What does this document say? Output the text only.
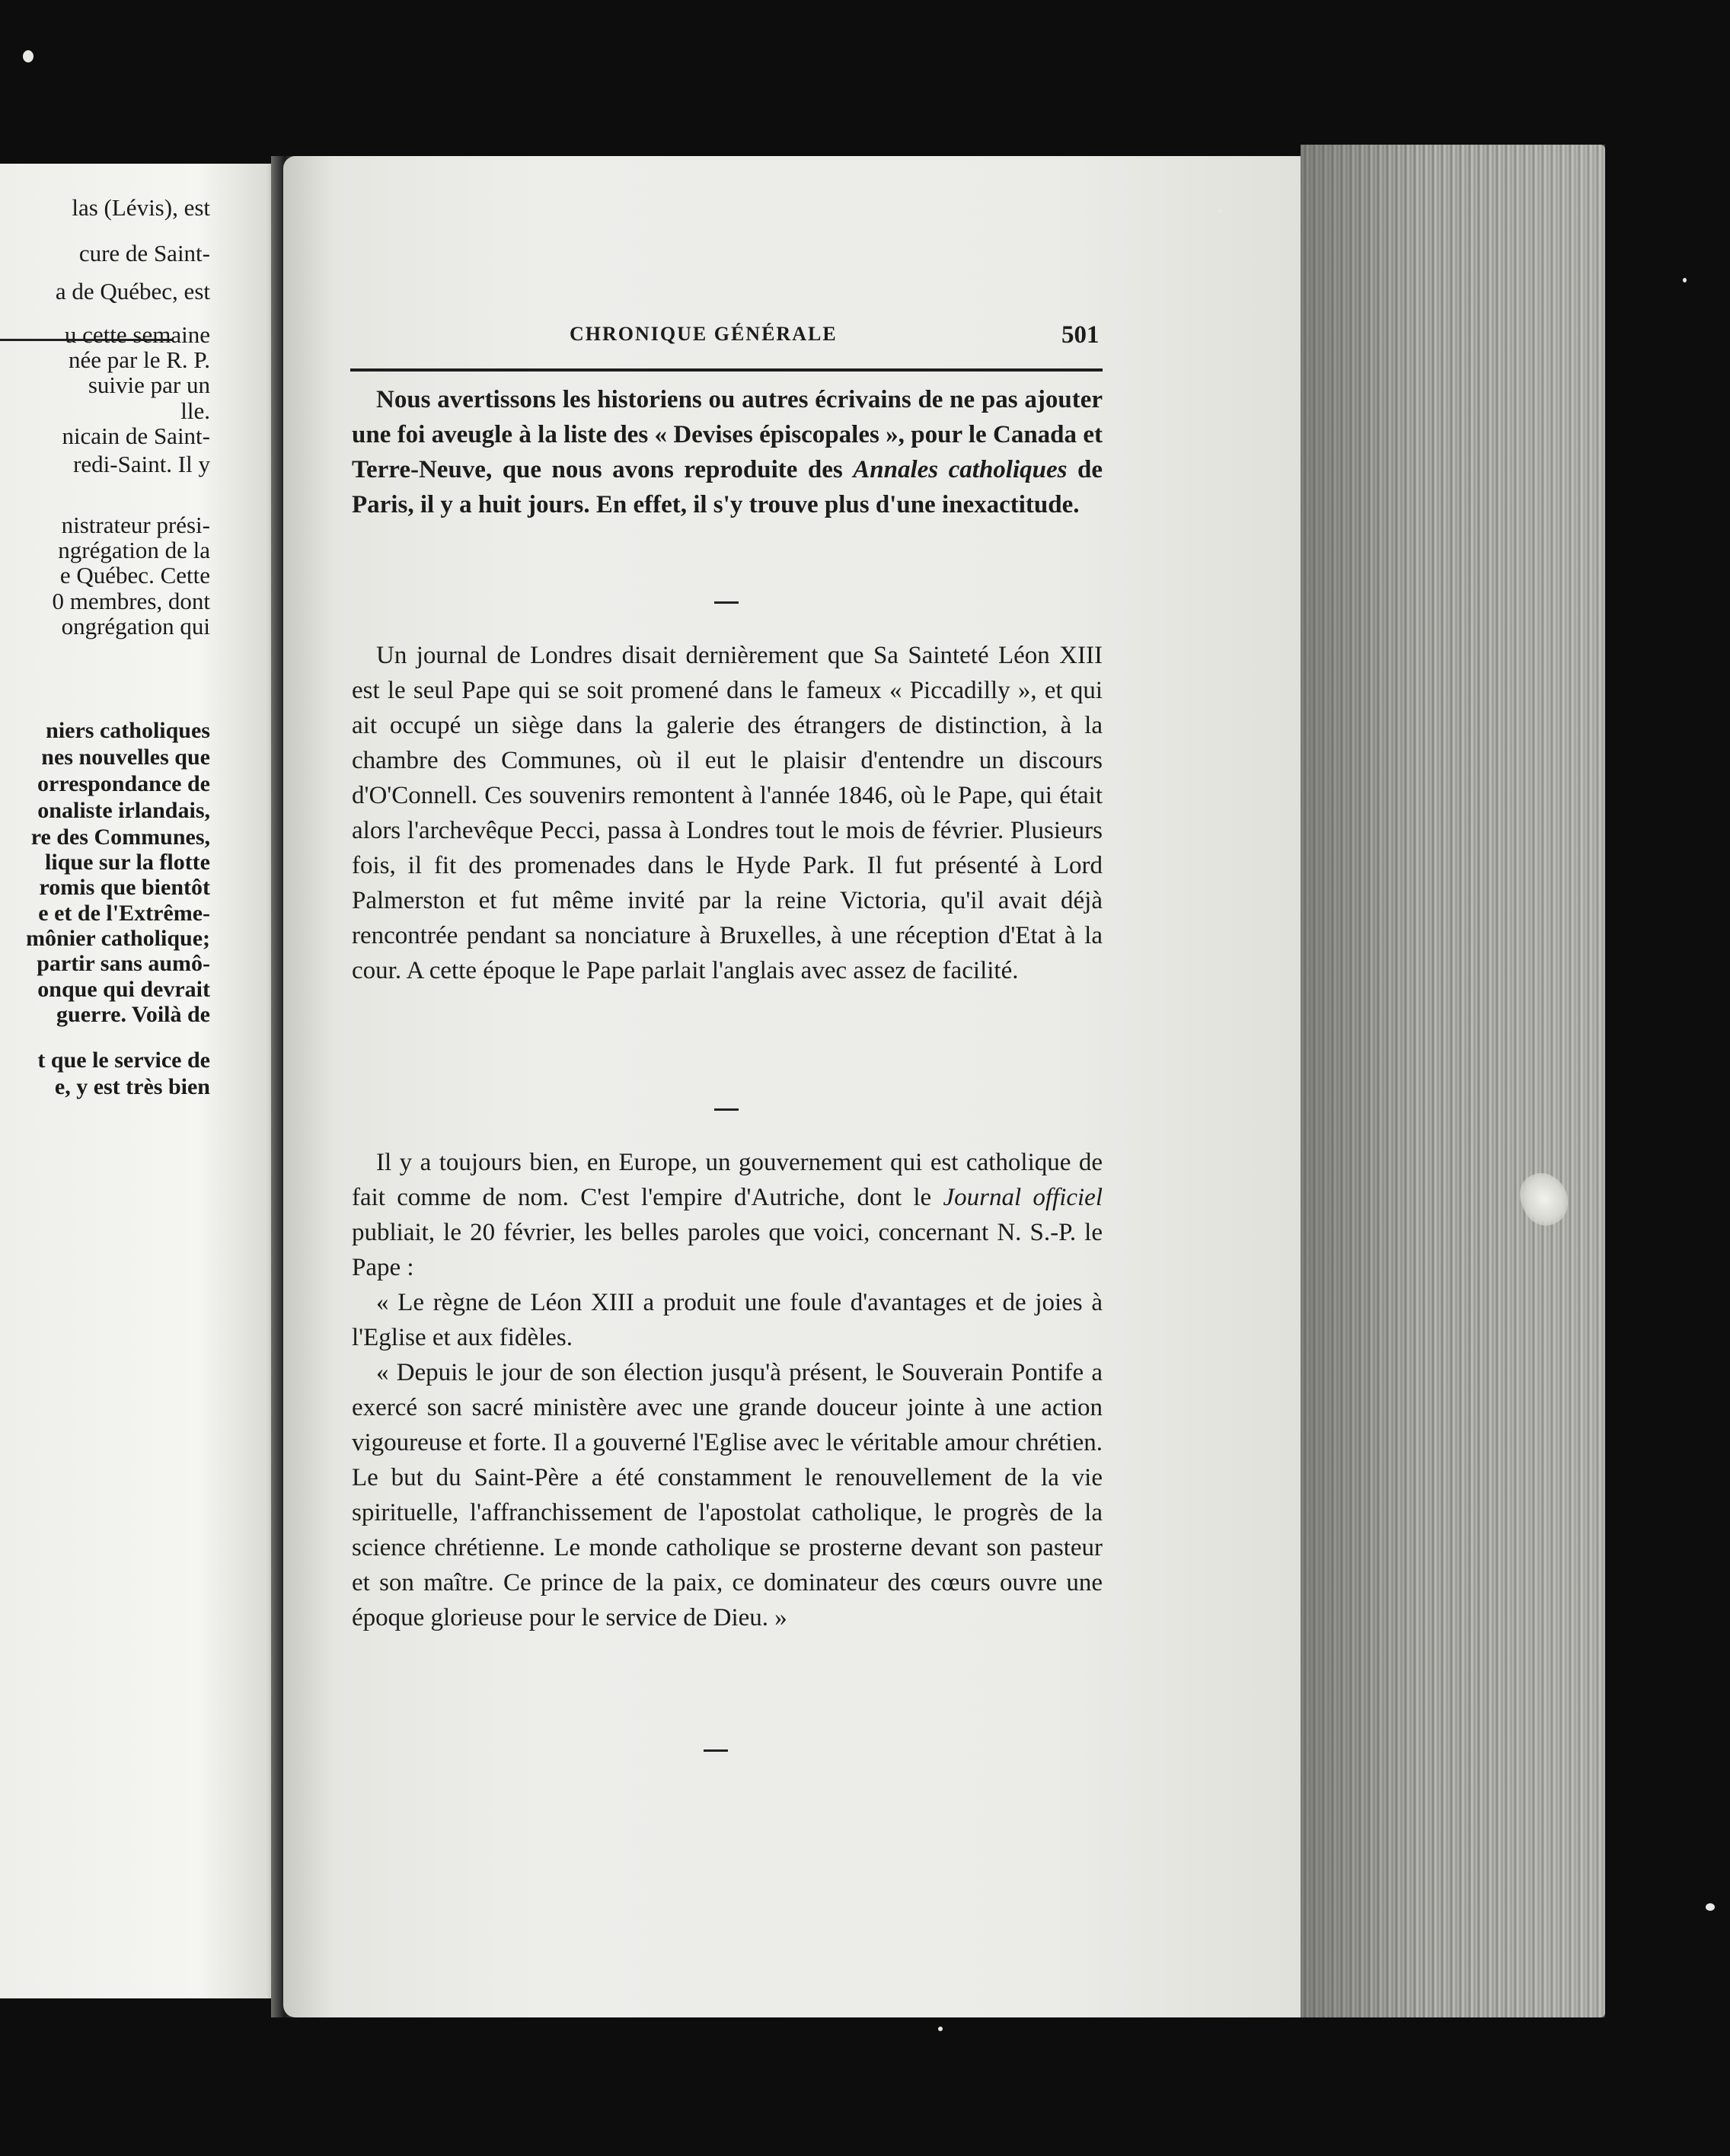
las (Lévis), est
cure de Saint-
a de Québec, est
u cette semaine
née par le R. P.
suivie par un
lle.
nicain de Saint-
redi-Saint. Il y
nistrateur prési-
ngrégation de la
e Québec. Cette
0 membres, dont
ongrégation qui
niers catholiques
nes nouvelles que
orrespondance de
onaliste irlandais,
re des Communes,
lique sur la flotte
romis que bientôt
e et de l'Extrême-
mônier catholique;
partir sans aumô-
onque qui devrait
guerre. Voilà de
t que le service de
e, y est très bien
CHRONIQUE GÉNÉRALE	501

Nous avertissons les historiens ou autres écrivains de ne pas ajouter une foi aveugle à la liste des « Devises épiscopales », pour le Canada et Terre-Neuve, que nous avons reproduite des Annales catholiques de Paris, il y a huit jours. En effet, il s'y trouve plus d'une inexactitude.

Un journal de Londres disait dernièrement que Sa Sainteté Léon XIII est le seul Pape qui se soit promené dans le fameux « Piccadilly », et qui ait occupé un siège dans la galerie des étrangers de distinction, à la chambre des Communes, où il eut le plaisir d'entendre un discours d'O'Connell. Ces souvenirs remontent à l'année 1846, où le Pape, qui était alors l'archevêque Pecci, passa à Londres tout le mois de février. Plusieurs fois, il fit des promenades dans le Hyde Park. Il fut présenté à Lord Palmerston et fut même invité par la reine Victoria, qu'il avait déjà rencontrée pendant sa nonciature à Bruxelles, à une réception d'Etat à la cour. A cette époque le Pape parlait l'anglais avec assez de facilité.

Il y a toujours bien, en Europe, un gouvernement qui est catholique de fait comme de nom. C'est l'empire d'Autriche, dont le Journal officiel publiait, le 20 février, les belles paroles que voici, concernant N. S.-P. le Pape :

« Le règne de Léon XIII a produit une foule d'avantages et de joies à l'Eglise et aux fidèles.

« Depuis le jour de son élection jusqu'à présent, le Souverain Pontife a exercé son sacré ministère avec une grande douceur jointe à une action vigoureuse et forte. Il a gouverné l'Eglise avec le véritable amour chrétien. Le but du Saint-Père a été constamment le renouvellement de la vie spirituelle, l'affranchissement de l'apostolat catholique, le progrès de la science chrétienne. Le monde catholique se prosterne devant son pasteur et son maître. Ce prince de la paix, ce dominateur des cœurs ouvre une époque glorieuse pour le service de Dieu. »
